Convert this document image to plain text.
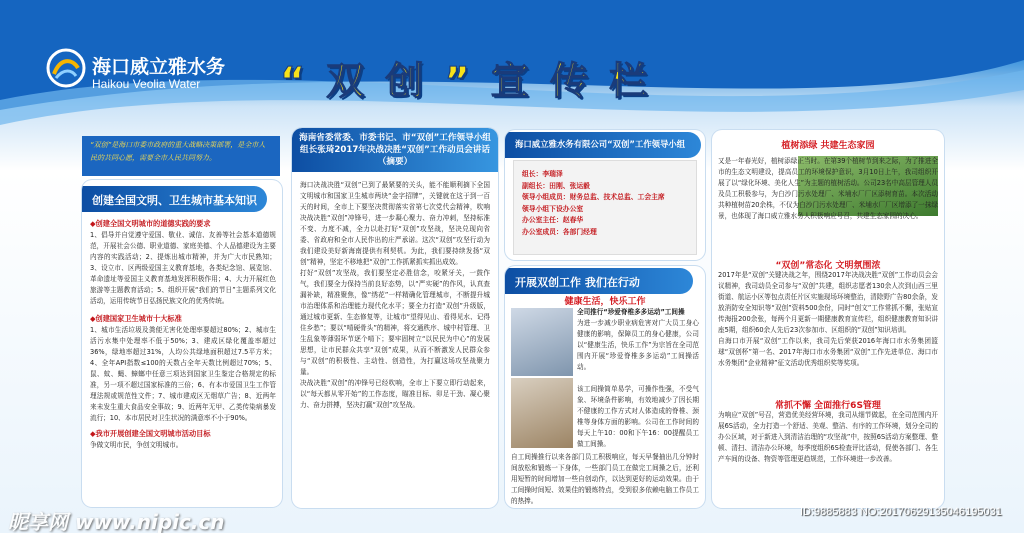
海口威立雅水务
Haikou Veolia Water “ 双 创 ” 宣 传 栏
“双创”是海口市委市政府的重大战略决策部署，是全市人民的共同心愿，需要全市人民共同努力。
创建全国文明、卫生城市基本知识
◆创建全国文明城市的道德实践的要求
1、倡导并自觉遵守爱国、敬业、诚信、友善等社会基本道德规范，开展社会公德、职业道德、家庭美德、个人品德建设为主要内容的实践活动；2、提炼出城市精神，并为广大市民熟知；3、设立市、区两级爱国主义教育基地，各类纪念馆、展览馆、革命遗址等爱国主义教育基地发挥积极作用；4、大力开展红色旅游等主题教育活动；5、组织开展“我们的节日”主题系列文化活动，运用传统节日弘扬民族文化的优秀传统。
◆创建国家卫生城市十大标准
1、城市生活垃圾及粪便无害化处理率要超过80%；2、城市生活污水集中处理率不低于50%；3、建成区绿化覆盖率超过36%，绿地率超过31%，人均公共绿地面积超过7.5平方米；4、全年API指数≤100的天数占全年天数比例超过70%；5、鼠、蚊、蝇、蟑螂中任意三项达到国家卫生鉴定合格规定的标准，另一项不超过国家标准的三倍；6、有本市爱国卫生工作管理法规或规范性文件；7、城市建成区无烟草广告；8、近两年来未发生重大食品安全事故；9、近两年无甲、乙类传染病暴发流行；10、本市居民对卫生状况的满意率不小于90%。
◆我市开展创建全国文明城市活动目标
争做文明市民，争创文明城市。
海南省委常委、市委书记、市“双创”工作领导小组组长张琦2017年决战决胜“双创”工作动员会讲话（摘要）
海口决战决胜“双创”已到了最紧要的关头，能不能顺利摘下全国文明城市和国家卫生城市两块“金字招牌”，关键就在这于到一百天的时间，全市上下要坚决贯彻落实省第七次党代会精神，吹响决战决胜“双创”冲锋号，进一步凝心聚力、奋力冲刺，坚持标准不变、力度不减，全力以赴打好“双创”攻坚战，坚决兑现向省委、省政府和全市人民作出的庄严承诺。这次“双创”攻坚行动为我们建设美好新海南提供有利契机。为此，我们要持续发扬“双创”精神，坚定不移地把“双创”工作抓紧抓实抓出成效。
打好“双创”攻坚战，我们要坚定必胜信念，咬紧牙关，一鼓作气，我们要全力保持当前良好态势，以“严实硬”的作风，认真查漏补缺，精准聚焦，像“绣花”一样精确化管理城市，不断提升城市治理体系和治理能力现代化水平；要全力打造“双创”升级版，通过城市更新、生态修复等，让城市“望得见山、看得见水、记得住乡愁”；要以“啃硬骨头”的精神，将交通秩序、城中村管理、卫生乱象等薄弱环节逐个啃下；要牢固树立“以民民为中心”的发展思想，让市民群众共享“双创”成果，从而不断激发人民群众参与“双创”的积极性、主动性、创造性，为打赢这场攻坚战聚力量。
决战决胜“双创”的冲锋号已经吹响，全市上下要立即行动起来，以“每天都从零开始”的工作态度，瞄准目标、卯足干劲、凝心聚力、奋力拼搏，坚决打赢“双创”攻坚战。
海口威立雅水务有限公司“双创”工作领导小组
组长：李瑞泽
副组长：田刚、张运毅
领导小组成员：财务总监、技术总监、工会主席
领导小组下设办公室
办公室主任：赵春华
办公室成员：各部门经理
开展双创工作 我们在行动
健康生活，快乐工作
全司推行“珍爱脊椎多多运动”工间操
为进一步减少职业病危害对广大员工身心健康的影响，保障员工的身心健康，公司以“健康生活，快乐工作”为宗旨在全司范围内开展“珍爱脊椎多多运动”工间操活动。
该工间操简单易学，可操作性强，不受气象、环境条件影响，有效地减少了因长期不健康的工作方式对人体造成的脊椎、颈椎等身体方面的影响。公司在工作时间的每天上午10：00和下午16：00提醒员工做工间操。
自工间操推行以来各部门员工积极响应，每天早餐抽出几分钟时间放松和锻炼一下身体，一些部门员工在做完工间操之后，还利用短暂的时间增加一些自创动作，以达到更好的运动效果。由于工间操时间短、效果佳的锻炼特点，受到很多依赖电脑工作员工的热捧。
植树添绿 共建生态家园
又是一年春光好，植树添绿正当时。在第39个植树节到来之际，为了推进全市的生态文明建设，提高员工的环境保护意识，3月10日上午，我司组织开展了以“绿化环境、美化人生”为主题的植树活动。公司23名中高层管理人员及员工积极参与，为白沙门污水处理厂、米埔水厂厂区添树育苗。本次活动共种植树苗20余株，不仅为白沙门污水处理厂、米埔水厂厂区增添了一抹绿景，也体现了海口威立雅水务人积极响应号召，共建生态家园的决心。
“双创”常态化 文明氛围浓
2017年是“双创”关键决战之年，围绕2017年决战决胜“双创”工作动员会会议精神，我司动员全司参与“双创”共建，组织志愿者130余人次到山西三里街道、航运小区等包点责任片区实施现场环境整治，清除野广告80余条，发放消防安全知识等“双创”资料500余份，同时“创文”工作常抓不懈，张贴宣传海报200余张，每两个月更新一期健康教育宣传栏，组织健康教育知识讲座5期，组织60余人先后23次参加市、区组织的“双创”知识培训。
自海口市开展“双创”工作以来，我司先后荣获2016年海口市水务集团篮球“双创杯”第一名、2017年海口市水务集团“双创”工作先进单位、海口市水务集团“企业精神”征文活动优秀组织奖等奖项。
常抓不懈 全面推行6S管理
为响应“双创”号召，营造优美经营环境，我司从细节做起，在全司范围内开展6S活动，全力打造一个舒适、美观、整洁、有序的工作环境，划分全司的办公区域，对于新进入到清洁治理的“攻坚战”中，按照6S活动方案整理、整顿、清扫、清洁办公环境，每季度组织6S检查评比活动，促使各部门、各生产车间的设备、物资等管理更趋规范，工作环境进一步改善。
昵享网 www.nipic.cn	ID:9885883 NO:20170629135046195031
